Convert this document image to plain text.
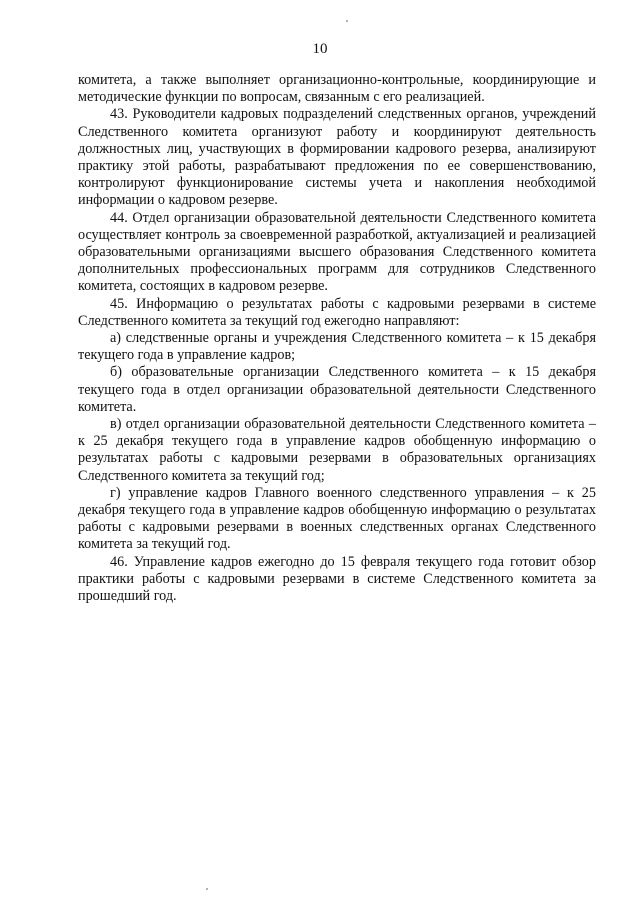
10

комитета, а также выполняет организационно-контрольные, координирующие и методические функции по вопросам, связанным с его реализацией.

43. Руководители кадровых подразделений следственных органов, учреждений Следственного комитета организуют работу и координируют деятельность должностных лиц, участвующих в формировании кадрового резерва, анализируют практику этой работы, разрабатывают предложения по ее совершенствованию, контролируют функционирование системы учета и накопления необходимой информации о кадровом резерве.

44. Отдел организации образовательной деятельности Следственного комитета осуществляет контроль за своевременной разработкой, актуализацией и реализацией образовательными организациями высшего образования Следственного комитета дополнительных профессиональных программ для сотрудников Следственного комитета, состоящих в кадровом резерве.

45. Информацию о результатах работы с кадровыми резервами в системе Следственного комитета за текущий год ежегодно направляют:

а) следственные органы и учреждения Следственного комитета – к 15 декабря текущего года в управление кадров;

б) образовательные организации Следственного комитета – к 15 декабря текущего года в отдел организации образовательной деятельности Следственного комитета.

в) отдел организации образовательной деятельности Следственного комитета – к 25 декабря текущего года в управление кадров обобщенную информацию о результатах работы с кадровыми резервами в образовательных организациях Следственного комитета за текущий год;

г) управление кадров Главного военного следственного управления – к 25 декабря текущего года в управление кадров обобщенную информацию о результатах работы с кадровыми резервами в военных следственных органах Следственного комитета за текущий год.

46. Управление кадров ежегодно до 15 февраля текущего года готовит обзор практики работы с кадровыми резервами в системе Следственного комитета за прошедший год.
